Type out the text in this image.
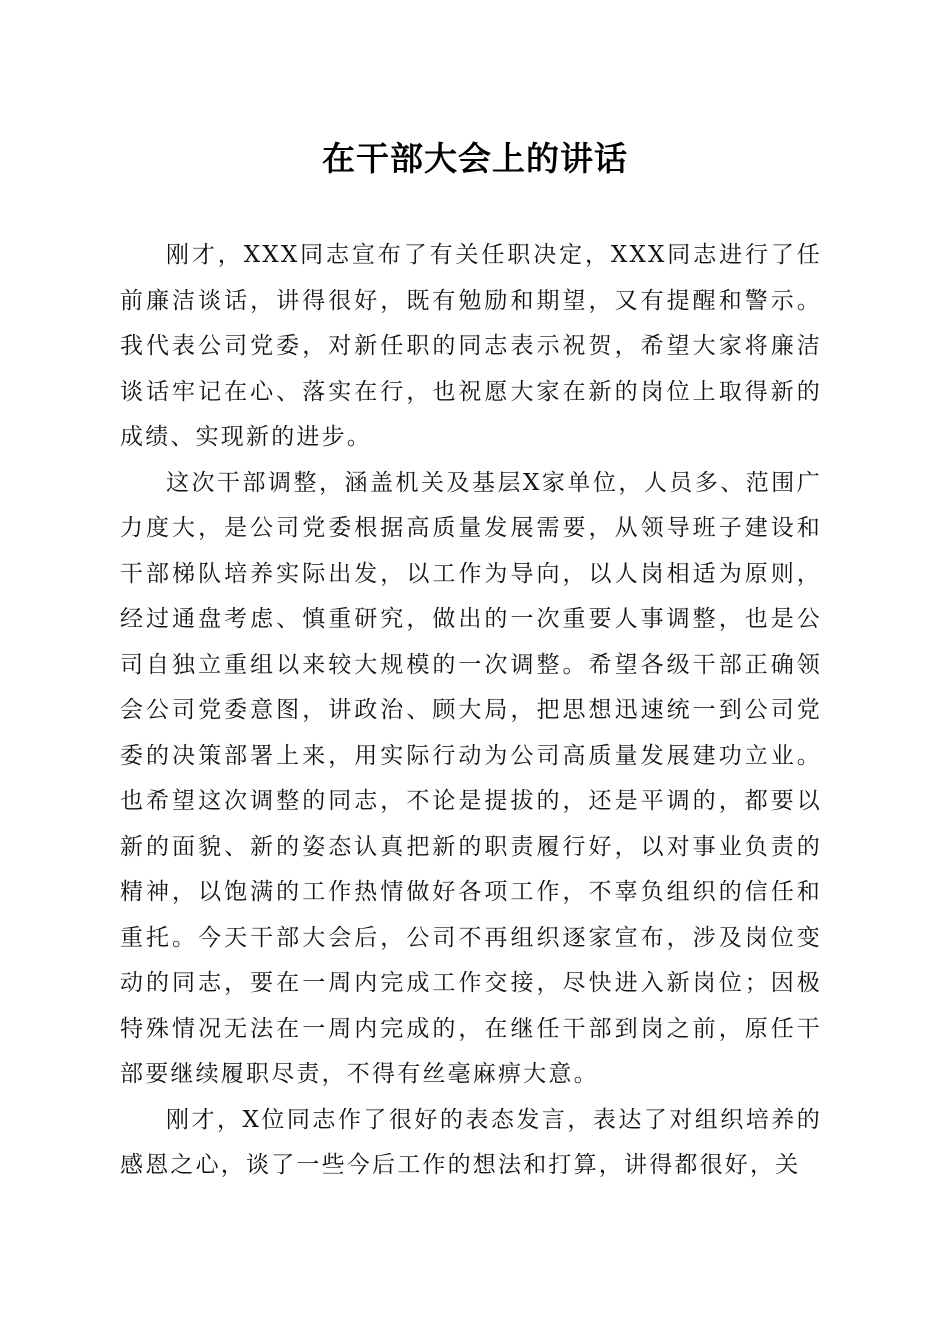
在干部大会上的讲话

刚才，XXX同志宣布了有关任职决定，XXX同志进行了任前廉洁谈话，讲得很好，既有勉励和期望，又有提醒和警示。我代表公司党委，对新任职的同志表示祝贺，希望大家将廉洁谈话牢记在心、落实在行，也祝愿大家在新的岗位上取得新的成绩、实现新的进步。

这次干部调整，涵盖机关及基层X家单位，人员多、范围广力度大，是公司党委根据高质量发展需要，从领导班子建设和干部梯队培养实际出发，以工作为导向，以人岗相适为原则，经过通盘考虑、慎重研究，做出的一次重要人事调整，也是公司自独立重组以来较大规模的一次调整。希望各级干部正确领会公司党委意图，讲政治、顾大局，把思想迅速统一到公司党委的决策部署上来，用实际行动为公司高质量发展建功立业。也希望这次调整的同志，不论是提拔的，还是平调的，都要以新的面貌、新的姿态认真把新的职责履行好，以对事业负责的精神，以饱满的工作热情做好各项工作，不辜负组织的信任和重托。今天干部大会后，公司不再组织逐家宣布，涉及岗位变动的同志，要在一周内完成工作交接，尽快进入新岗位；因极特殊情况无法在一周内完成的，在继任干部到岗之前，原任干部要继续履职尽责，不得有丝毫麻痹大意。

刚才，X位同志作了很好的表态发言，表达了对组织培养的感恩之心，谈了一些今后工作的想法和打算，讲得都很好，关
